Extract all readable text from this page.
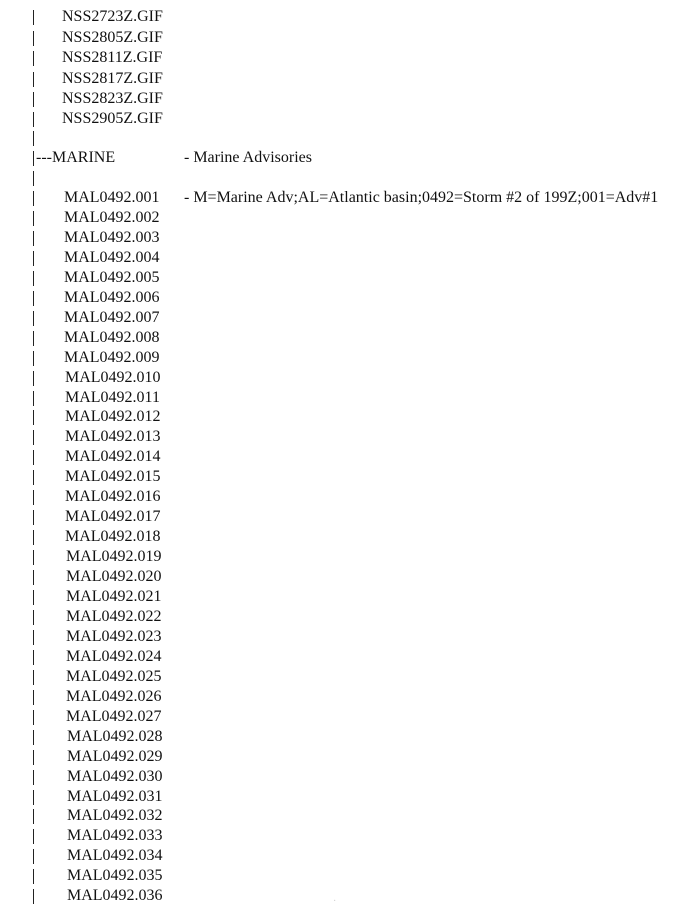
NSS2723Z.GIF
NSS2805Z.GIF
NSS2811Z.GIF
NSS2817Z.GIF
NSS2823Z.GIF
NSS2905Z.GIF
---MARINE	- Marine Advisories
MAL0492.001 - M=Marine Adv;AL=Atlantic basin;0492=Storm #2 of 199Z;001=Adv#1
MAL0492.002
MAL0492.003
MAL0492.004
MAL0492.005
MAL0492.006
MAL0492.007
MAL0492.008
MAL0492.009
MAL0492.010
MAL0492.011
MAL0492.012
MAL0492.013
MAL0492.014
MAL0492.015
MAL0492.016
MAL0492.017
MAL0492.018
MAL0492.019
MAL0492.020
MAL0492.021
MAL0492.022
MAL0492.023
MAL0492.024
MAL0492.025
MAL0492.026
MAL0492.027
MAL0492.028
MAL0492.029
MAL0492.030
MAL0492.031
MAL0492.032
MAL0492.033
MAL0492.034
MAL0492.035
MAL0492.036	·
